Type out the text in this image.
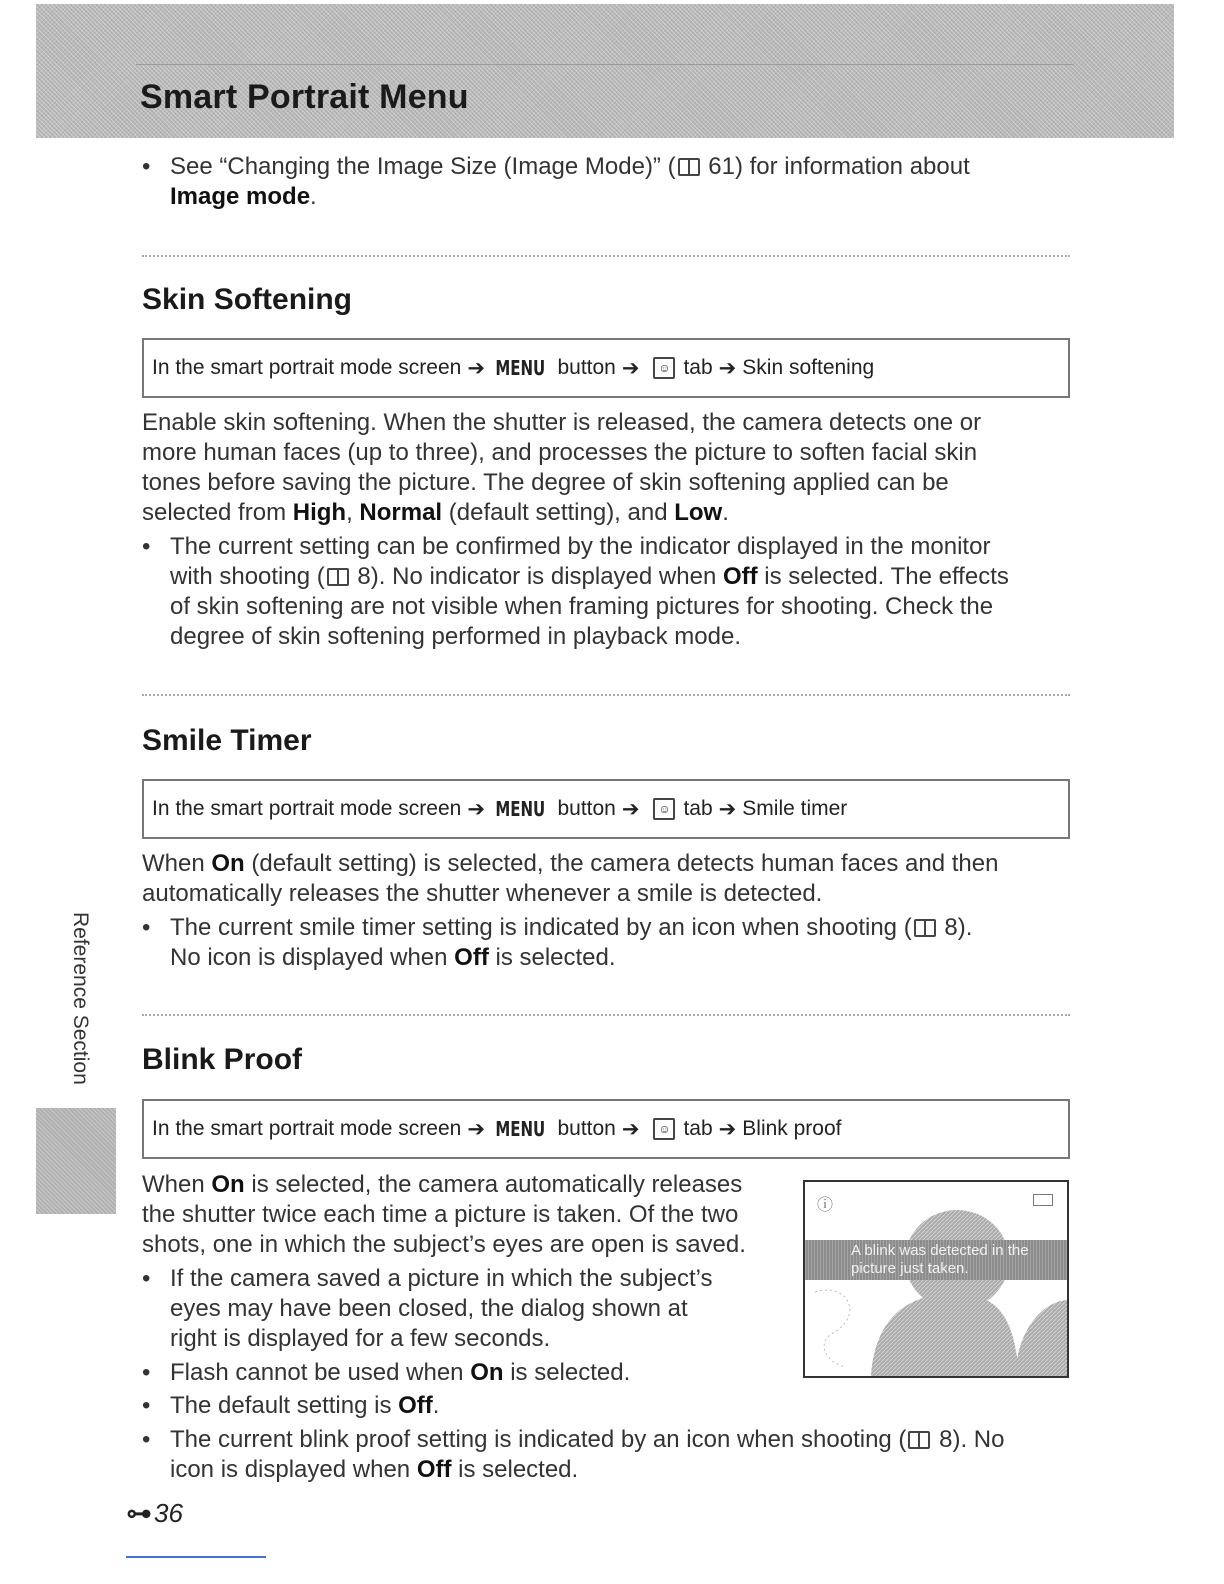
Smart Portrait Menu
• See “Changing the Image Size (Image Mode)” ( 61) for information about
Image mode.
Skin Softening
In the smart portrait mode screen ➔ MENU button ➔	☺ tab ➔ Skin softening
Enable skin softening. When the shutter is released, the camera detects one or
more human faces (up to three), and processes the picture to soften facial skin
tones before saving the picture. The degree of skin softening applied can be
selected from High, Normal (default setting), and Low.
• The current setting can be confirmed by the indicator displayed in the monitor
with shooting ( 8). No indicator is displayed when Off is selected. The effects
of skin softening are not visible when framing pictures for shooting. Check the
degree of skin softening performed in playback mode.
Smile Timer
In the smart portrait mode screen ➔ MENU button ➔	☺ tab ➔ Smile timer
When On (default setting) is selected, the camera detects human faces and then
automatically releases the shutter whenever a smile is detected.
• The current smile timer setting is indicated by an icon when shooting ( 8).
No icon is displayed when Off is selected.
Blink Proof
In the smart portrait mode screen ➔ MENU button ➔	☺ tab ➔ Blink proof
When On is selected, the camera automatically releases
the shutter twice each time a picture is taken. Of the two
shots, one in which the subject’s eyes are open is saved.
• If the camera saved a picture in which the subject’s
eyes may have been closed, the dialog shown at
right is displayed for a few seconds.
• Flash cannot be used when On is selected.
• The default setting is Off.
• The current blink proof setting is indicated by an icon when shooting ( 8). No
icon is displayed when Off is selected.
ⓘ
A blink was detected in the
picture just taken.
Reference Section
⊶36
